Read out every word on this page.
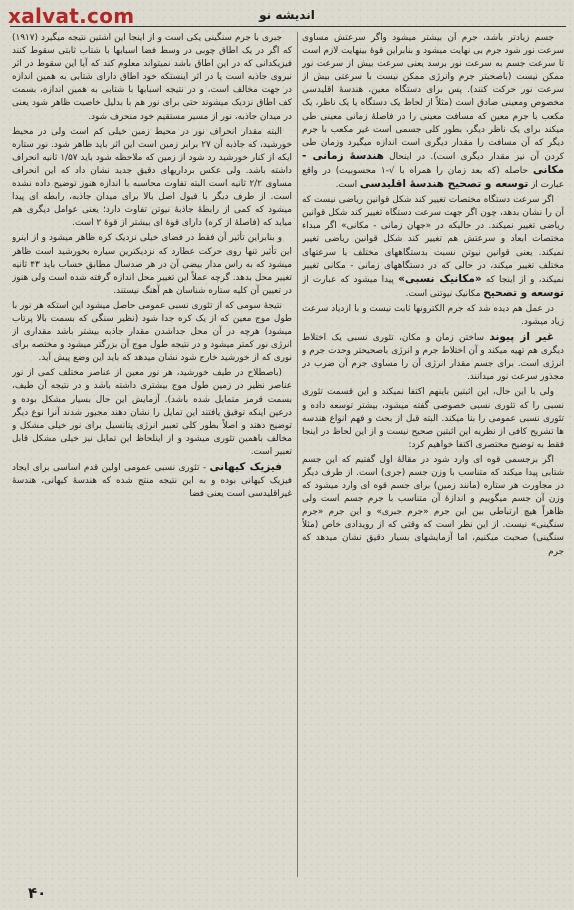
xalvat.com	اندیشه نو

جسم زیادتر باشد، جرم آن بیشتر میشود واگر سرعتش مساوی سرعت نور شود جرم بی نهایت میشود و بنابراین قوهٔ بینهایت لازم است تا سرعت جسم به سرعت نور برسد یعنی سرعت بیش از سرعت نور ممکن نیست (باصحبتر جرم وانرژی ممکن نیست با سرعتی بیش از سرعت نور حرکت کنند). پس برای دستگاه معین، هندسهٔ اقلیدسی مخصوص ومعینی صادق است (مثلاً از لحاظ یک دستگاه یا یک ناظر، یک مکعب با جرم معین که مسافت معینی را در فاصلهٔ زمانی معینی طی میکند برای یک ناظر دیگر، بطور کلی جسمی است غیر مکعب با جرم دیگر که آن مسافت را مقدار دیگری است اندازه میگیرد وزمان طی کردن آن نیز مقدار دیگری است). در اینحال هندسهٔ زمانی - مکانی حاصله (که بعد زمان را همراه با √-۱ محسوبیت) در واقع عبارت از توسعه و تصحیح هندسهٔ اقلیدسی است.

اگر سرعت دستگاه مختصات تغییر کند شکل قوانین ریاضی نیست که آن را نشان بدهد، چون اگر جهت سرعت دستگاه تغییر کند شکل قوانین ریاضی تغییر نمیکند. در حالیکه در «جهان زمانی - مکانی» اگر مبداء مختصات ابعاد و سرعتش هم تغییر کند شکل قوانین ریاضی تغییر نمیکند. یعنی قوانین نیوتن نسبت بدستگاههای مختلف با سرعتهای مختلف تغییر میکند، در حالی که در دستگاههای زمانی - مکانی تغییر نمیکند، و از اینجا که «مکانیک نسبی» پیدا میشود که عبارت از توسعه و تصحیح مکانیک نیوتنی است.

در عمل هم دیده شد که جرم الکترونها ثابت نیست و با ازدیاد سرعت زیاد میشود.

غیر از پیوند ساختن زمان و مکان، تئوری نسبی یک اختلاط دیگری هم تهیه میکند و آن اختلاط جرم و انرژی باصحیحتر وحدت جرم و انرژی است. برای جسم مقدار انرژی آن را مساوی جرم آن ضرب در مجذور سرعت نور میدانند.

ولی با این حال، این اثبتین باینهم اکتفا نمیکند و این قسمت تئوری نسبی را که تئوری نسبی خصوصی گفته میشود، بیشتر توسعه داده و تئوری نسبی عمومی را بنا میکند. البته قبل از بحث و فهم انواع هندسه ها تشریح کافی از نظریه این اثبتین صحیح نیست و از این لحاظ در اینجا فقط به توضیح مختصری اکتفا خواهیم کرد:

اگر برجسمی قوه ای وارد شود در مقالهٔ اول گفتیم که این جسم شتابی پیدا میکند که متناسب با وزن جسم (جری) است. از طرف دیگر در مجاورت هر ستاره (مانند زمین) برای جسم قوه ای وارد میشود که وزن آن جسم میگوییم و اندازهٔ آن متناسب با جرم جسم است ولی ظاهراً هیچ ارتباطی بین این جرم «جرم جبری» و این جرم «جرم سنگینی» نیست. از این نظر است که وقتی که از رویدادی خاص (مثلاً سنگینی) صحبت میکنیم، اما آزمایشهای بسیار دقیق نشان میدهد که جرم

جبری با جرم سنگینی یکی است و از اینجا این اشتین نتیجه میگیرد (۱۹۱۷) که اگر در یک اطاق چوبی در وسط فضا اسبابها با شتاب ثابتی سقوط کنند فیزیکدانی که در این اطاق باشد نمیتواند معلوم کند که آیا این سقوط در اثر نیروی جاذبه است یا در اثر اینستکه خود اطاق دارای شتابی به همین اندازه در جهت مخالف است، و در نتیجه اسبابها با شتابی به همین اندازه، بسمت کف اطاق نزدیک میشوند حتی برای نور هم با بدلیل خاصیت ظاهر شود یعنی در میدان جاذبه، نور از مسیر مستقیم خود منحرف شود.

البته مقدار انحراف نور در محیط زمین خیلی کم است ولی در محیط خورشید، که جاذبه آن ۲۷ برابر زمین است این اثر باید ظاهر شود. نور ستاره ایکه از کنار خورشید رد شود از زمین که ملاحظه شود باید ۱/۵۷ ثانیه انحراف داشته باشد. ولی عکس برداریهای دقیق جدید نشان داد که این انحراف مساوی ۲/۲ ثانیه است البته تفاوت محاسبه با اندازه هنوز توضیح داده نشده است. از طرف دیگر با قبول اصل بالا برای میدان جاذبه، رابطه ای پیدا میشود که کمی از رابطهٔ جاذبهٔ نیوتن تفاوت دارد؛ یعنی عوامل دیگری هم میاید که (فاصلهٔ از کره) دارای قوهٔ ای بیشتر از قوهٔ ۲ است.

و بنابراین تأثیر آن فقط در فضای خیلی نزدیک کره ظاهر میشود و از اینرو این تأثیر تنها روی حرکت عطارد که نزدیکترین سیاره بخورشید است ظاهر میشود که به راس مدار بیضی آن در هر صدسال مطابق حساب باید ۴۳ ثانیه تغییر محل بدهد. گرچه عملاً این تغییر محل اندازه گرفته شده است ولی هنوز در تعیین آن کلیه ستاره شناسان هم آهنگ نیستند.

نتیجهٔ سومی که از تئوری نسبی عمومی حاصل میشود این استکه هر نور با طول موج معین که از یک کره جدا شود (نظیر سنگی که بسمت بالا پرتاب میشود) هرچه در آن محل جداشدن مقدار جاذبه بیشتر باشد مقداری از انرژی نور کمتر میشود و در نتیجه طول موج آن بزرگتر میشود و مختصه برای نوری که از خورشید خارج شود نشان میدهد که باید این وضع پیش آید.

(باصطلاح در طیف خورشید، هر نور معین از عناصر مختلف کمی از نور عناصر نظیر در زمین طول موج بیشتری داشته باشد و در نتیجه آن طیف، بسمت قرمز متمایل شده باشد). آزمایش این حال بسیار مشکل بوده و درعین اینکه توفیق یافتند این تمایل را نشان دهند مجبور شدند آنرا نوع دیگر توضیح دهند و اصلاً بطور کلی تعبیر انرژی پتانسیل برای نور خیلی مشکل و مخالف باهمین تئوری میشود و از اینلحاظ این تمایل نیز خیلی مشکل قابل تعبیر است.

فیزیک کیهانی - تئوری نسبی عمومی اولین قدم اساسی برای ایجاد فیزیک کیهانی بوده و به این نتیجه منتج شده که هندسهٔ کیهانی، هندسهٔ غیراقلیدسی است یعنی فضا

۴۰
